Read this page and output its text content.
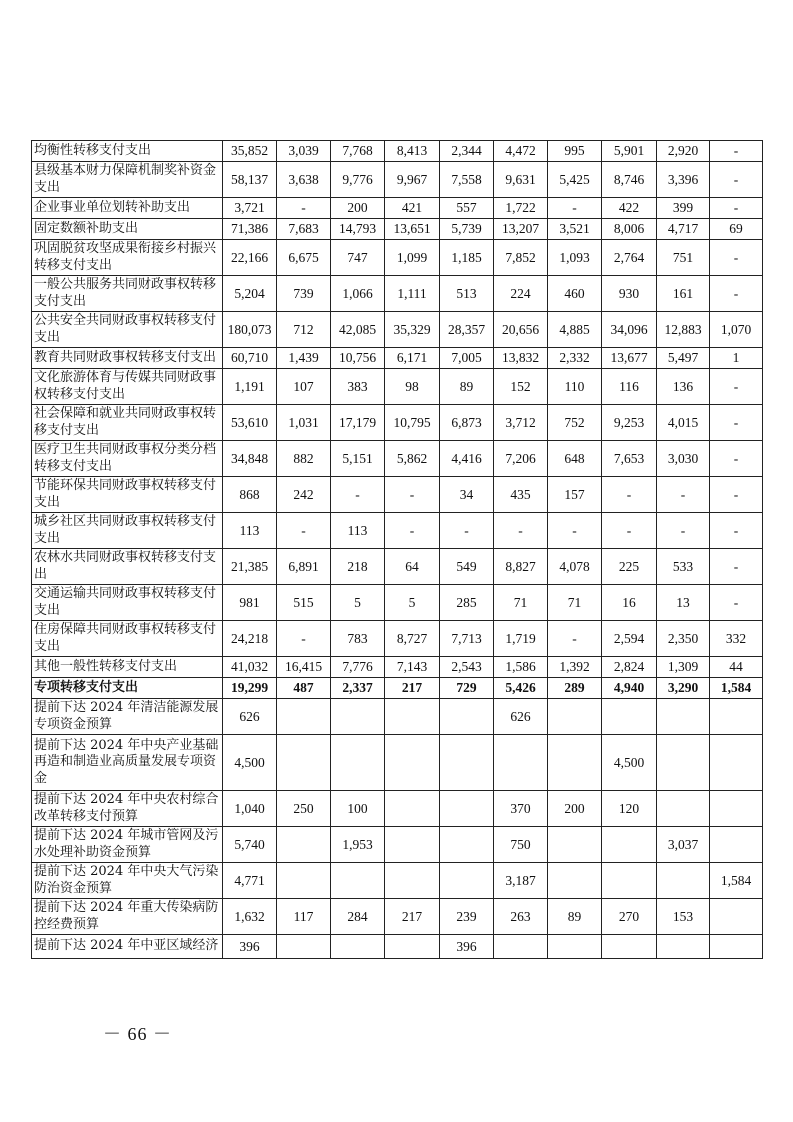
均衡性转移支付支出	35,852	3,039	7,768	8,413	2,344	4,472	995	5,901	2,920	-
县级基本财力保障机制奖补资金支出	58,137	3,638	9,776	9,967	7,558	9,631	5,425	8,746	3,396	-
企业事业单位划转补助支出	3,721	-	200	421	557	1,722	-	422	399	-
固定数额补助支出	71,386	7,683	14,793	13,651	5,739	13,207	3,521	8,006	4,717	69
巩固脱贫攻坚成果衔接乡村振兴转移支付支出	22,166	6,675	747	1,099	1,185	7,852	1,093	2,764	751	-
一般公共服务共同财政事权转移支付支出	5,204	739	1,066	1,111	513	224	460	930	161	-
公共安全共同财政事权转移支付支出	180,073	712	42,085	35,329	28,357	20,656	4,885	34,096	12,883	1,070
教育共同财政事权转移支付支出	60,710	1,439	10,756	6,171	7,005	13,832	2,332	13,677	5,497	1
文化旅游体育与传媒共同财政事权转移支付支出	1,191	107	383	98	89	152	110	116	136	-
社会保障和就业共同财政事权转移支付支出	53,610	1,031	17,179	10,795	6,873	3,712	752	9,253	4,015	-
医疗卫生共同财政事权分类分档转移支付支出	34,848	882	5,151	5,862	4,416	7,206	648	7,653	3,030	-
节能环保共同财政事权转移支付支出	868	242	-	-	34	435	157	-	-	-
城乡社区共同财政事权转移支付支出	113	-	113	-	-	-	-	-	-	-
农林水共同财政事权转移支付支出	21,385	6,891	218	64	549	8,827	4,078	225	533	-
交通运输共同财政事权转移支付支出	981	515	5	5	285	71	71	16	13	-
住房保障共同财政事权转移支付支出	24,218	-	783	8,727	7,713	1,719	-	2,594	2,350	332
其他一般性转移支付支出	41,032	16,415	7,776	7,143	2,543	1,586	1,392	2,824	1,309	44
专项转移支付支出	19,299	487	2,337	217	729	5,426	289	4,940	3,290	1,584
提前下达 2024 年清洁能源发展专项资金预算	626					626				
提前下达 2024 年中央产业基础再造和制造业高质量发展专项资金	4,500							4,500		
提前下达 2024 年中央农村综合改革转移支付预算	1,040	250	100			370	200	120		
提前下达 2024 年城市管网及污水处理补助资金预算	5,740		1,953			750			3,037	
提前下达 2024 年中央大气污染防治资金预算	4,771					3,187				1,584
提前下达 2024 年重大传染病防控经费预算	1,632	117	284	217	239	263	89	270	153	
提前下达 2024 年中亚区域经济	396				396					
－ 66 －
